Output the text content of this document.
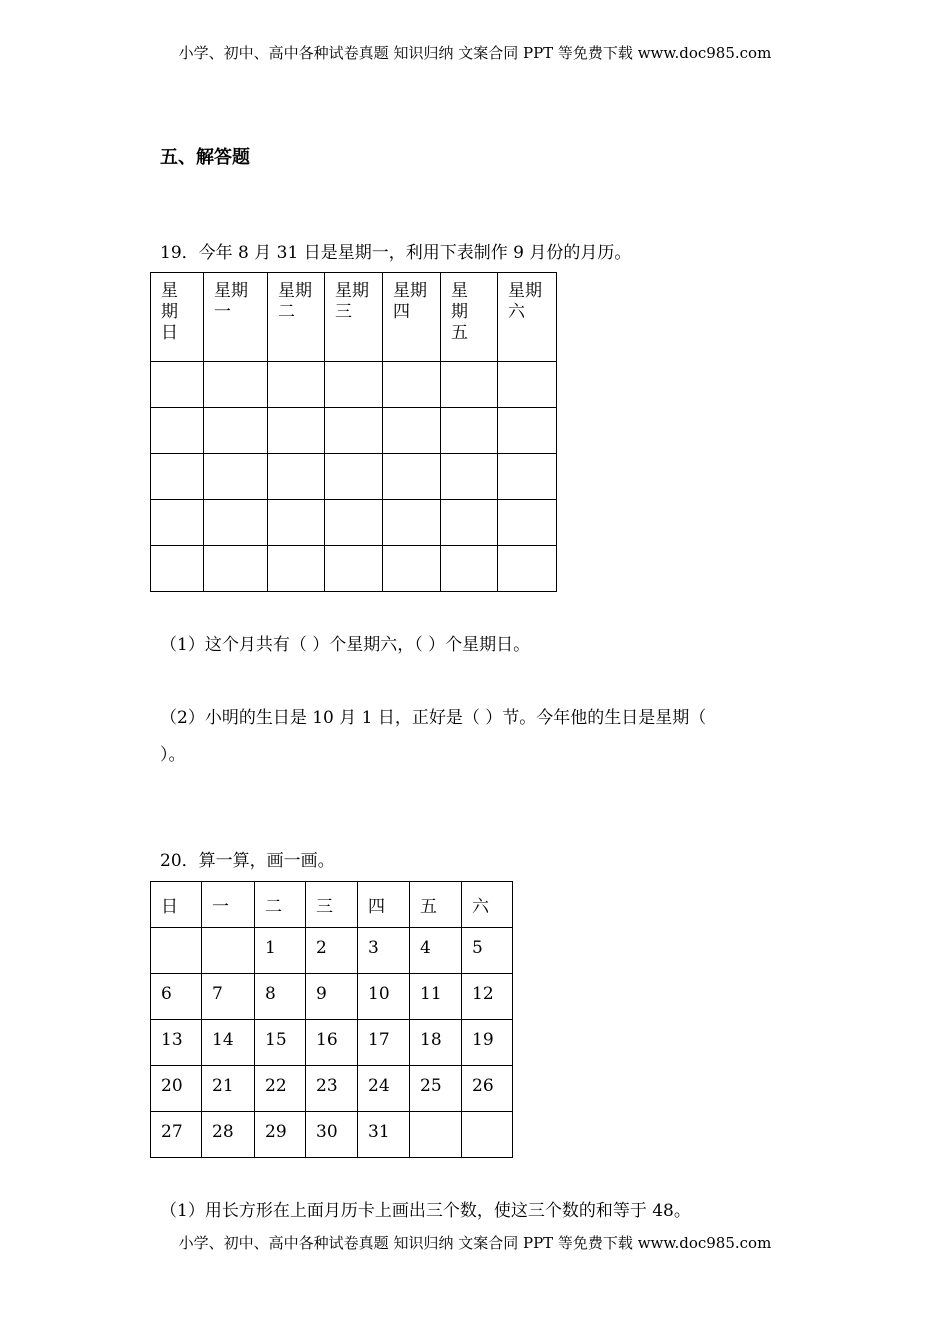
小学、初中、高中各种试卷真题 知识归纳 文案合同 PPT 等免费下载 www.doc985.com
五、解答题
19．今年 8 月 31 日是星期一，利用下表制作 9 月份的月历。
星期日	星期一	星期二	星期三	星期四	星期五	星期六

（1）这个月共有（ ）个星期六，（ ）个星期日。
（2）小明的生日是 10 月 1 日，正好是（ ）节。今年他的生日是星期（
）。
20．算一算，画一画。
日	一	二	三	四	五	六

		1	2	3	4	5

6	7	8	9	10	11	12

13	14	15	16	17	18	19

20	21	22	23	24	25	26

27	28	29	30	31		

（1）用长方形在上面月历卡上画出三个数，使这三个数的和等于 48。
小学、初中、高中各种试卷真题 知识归纳 文案合同 PPT 等免费下载 www.doc985.com
